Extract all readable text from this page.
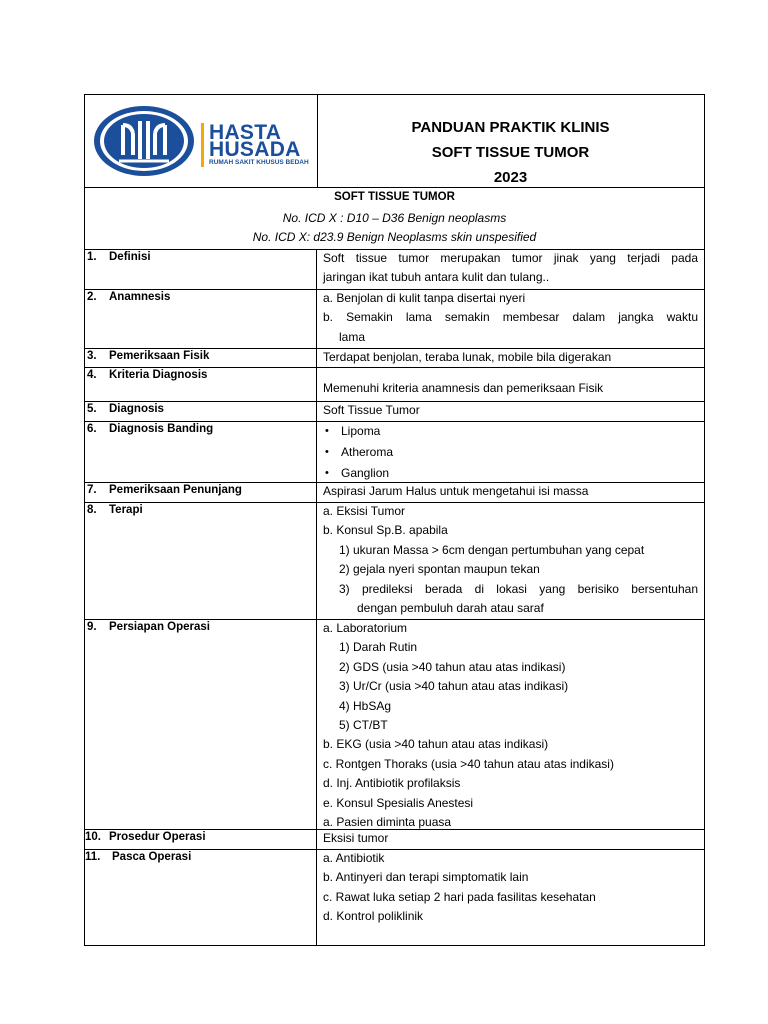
HASTA
HUSADA
RUMAH SAKIT KHUSUS BEDAH
PANDUAN PRAKTIK KLINIS
SOFT TISSUE TUMOR
2023
SOFT TISSUE TUMOR
No. ICD X : D10 – D36 Benign neoplasms
No. ICD X: d23.9 Benign Neoplasms skin unspesified
1. Definisi	Soft tissue tumor merupakan tumor jinak yang terjadi pada
jaringan ikat tubuh antara kulit dan tulang..
2. Anamnesis	a. Benjolan di kulit tanpa disertai nyeri
b. Semakin lama semakin membesar dalam jangka waktu
lama
3. Pemeriksaan Fisik	Terdapat benjolan, teraba lunak, mobile bila digerakan
4. Kriteria Diagnosis
Memenuhi kriteria anamnesis dan pemeriksaan Fisik
5. Diagnosis	Soft Tissue Tumor
6. Diagnosis Banding
•	Lipoma
• Atheroma
• Ganglion
7. Pemeriksaan Penunjang	Aspirasi Jarum Halus untuk mengetahui isi massa
8. Terapi	a. Eksisi Tumor
b. Konsul Sp.B. apabila
1) ukuran Massa > 6cm dengan pertumbuhan yang cepat
2) gejala nyeri spontan maupun tekan
3) predileksi berada di lokasi yang berisiko bersentuhan
dengan pembuluh darah atau saraf
9. Persiapan Operasi	a. Laboratorium
1) Darah Rutin
2) GDS (usia >40 tahun atau atas indikasi)
3) Ur/Cr (usia >40 tahun atau atas indikasi)
4) HbSAg
5) CT/BT
b. EKG (usia >40 tahun atau atas indikasi)
c. Rontgen Thoraks (usia >40 tahun atau atas indikasi)
d. Inj. Antibiotik profilaksis
e. Konsul Spesialis Anestesi
a. Pasien diminta puasa
10. Prosedur Operasi	Eksisi tumor
11. Pasca Operasi	a. Antibiotik
b. Antinyeri dan terapi simptomatik lain
c. Rawat luka setiap 2 hari pada fasilitas kesehatan
d. Kontrol poliklinik
